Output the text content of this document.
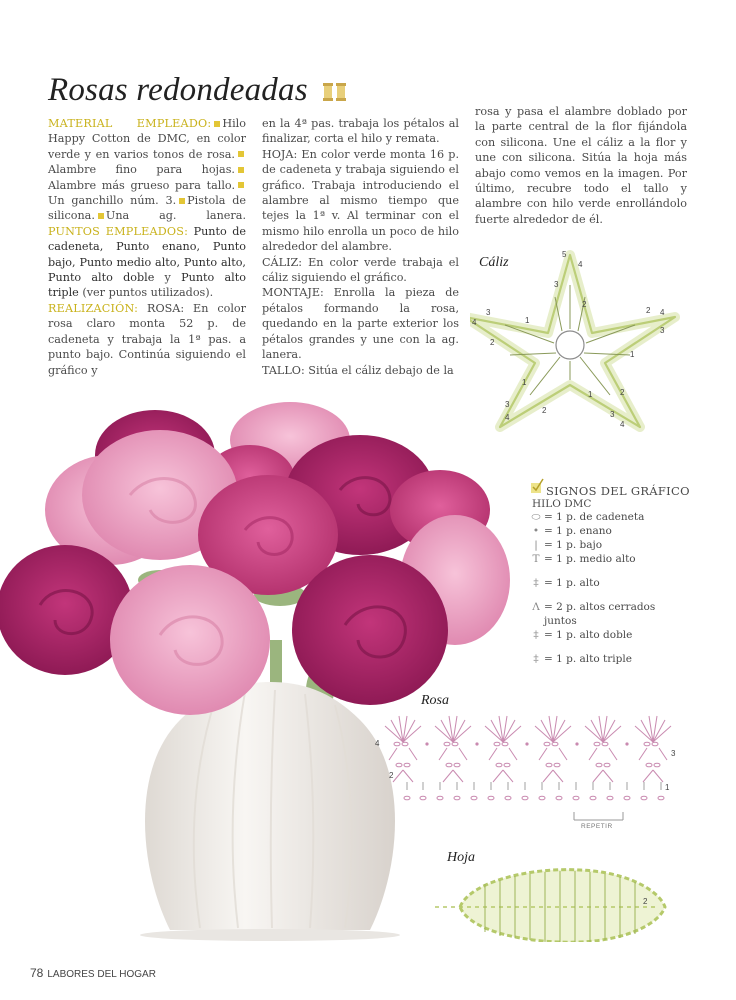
Rosas redondeadas
MATERIAL EMPLEADO: Hilo Happy Cotton de DMC, en color verde y en varios tonos de rosa.Alambre fino para hojas.Alambre más grueso para tallo.Un ganchillo núm. 3. Pistola de silicona. Una ag. lanera. PUNTOS EMPLEADOS: Punto de cadeneta, Punto enano, Punto bajo, Punto medio alto, Punto alto, Punto alto doble y Punto alto triple (ver puntos utilizados).
REALIZACIÓN: ROSA: En color rosa claro monta 52 p. de cadeneta y trabaja la 1ª pas. a punto bajo. Continúa siguiendo el gráfico y
en la 4ª pas. trabaja los pétalos al finalizar, corta el hilo y remata.
HOJA: En color verde monta 16 p. de cadeneta y trabaja siguiendo el gráfico. Trabaja introduciendo el alambre al mismo tiempo que tejes la 1ª v. Al terminar con el mismo hilo enrolla un poco de hilo alrededor del alambre.
CÁLIZ: En color verde trabaja el cáliz siguiendo el gráfico.
MONTAJE: Enrolla la pieza de pétalos formando la rosa, quedando en la parte exterior los pétalos grandes y une con la ag. lanera.
TALLO: Sitúa el cáliz debajo de la
rosa y pasa el alambre doblado por la parte central de la flor fijándola con silicona. Une el cáliz a la flor y une con silicona. Sitúa la hoja más abajo como vemos en la imagen. Por último, recubre todo el tallo y alambre con hilo verde enrollándolo fuerte alrededor de él.
Cáliz
5
4
3
2
4
2
3
1
4
3
2
1
4
3
2
1
4
3
2
1
SIGNOS DEL GRÁFICO
HILO DMC
⬭ = 1 p. de cadeneta
• = 1 p. enano
| = 1 p. bajo
T = 1 p. medio alto
‡ = 1 p. alto
Λ = 2 p. altos cerrados juntos
‡ = 1 p. alto doble
‡ = 1 p. alto triple
Rosa
4
2
3
1
REPETIR
Hoja
2
78 LABORES DEL HOGAR
